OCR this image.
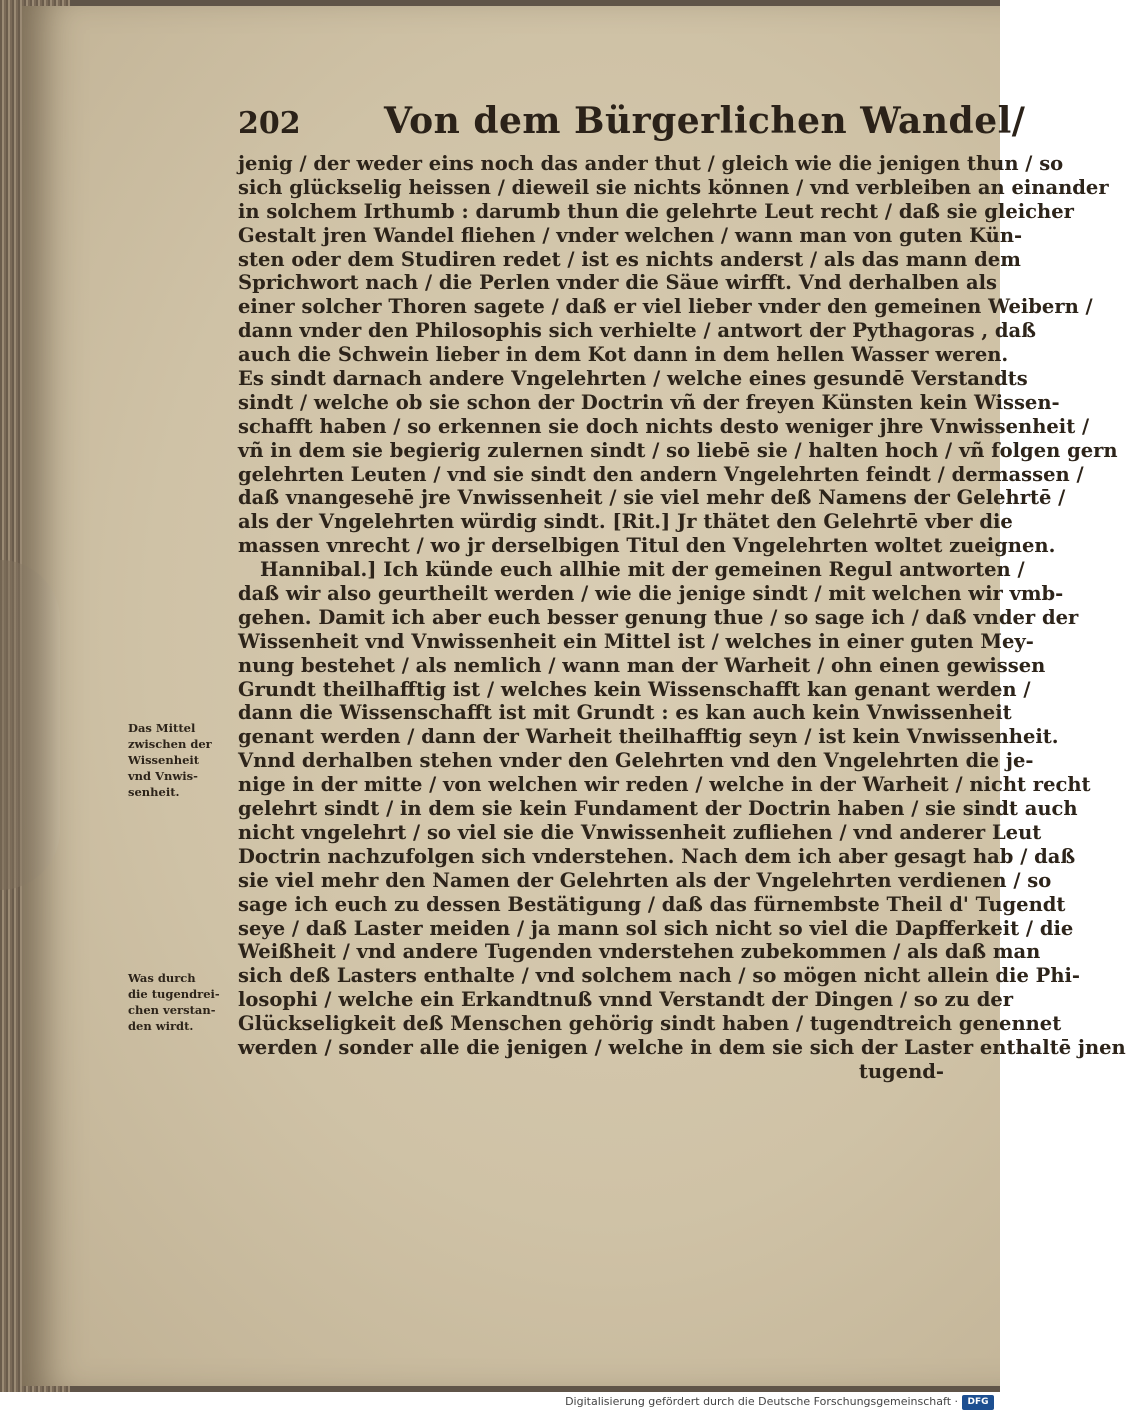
202 Von dem Bürgerlichen Wandel/
Das Mittel
zwischen der
Wissenheit
vnd Vnwis-
senheit.
Was durch
die tugendrei-
chen verstan-
den wirdt.
jenig / der weder eins noch das ander thut / gleich wie die jenigen thun / so
sich glückselig heissen / dieweil sie nichts können / vnd verbleiben an einander
in solchem Irthumb : darumb thun die gelehrte Leut recht / daß sie gleicher
Gestalt jren Wandel fliehen / vnder welchen / wann man von guten Kün-
sten oder dem Studiren redet / ist es nichts anderst / als das mann dem
Sprichwort nach / die Perlen vnder die Säue wirfft. Vnd derhalben als
einer solcher Thoren sagete / daß er viel lieber vnder den gemeinen Weibern /
dann vnder den Philosophis sich verhielte / antwort der Pythagoras , daß
auch die Schwein lieber in dem Kot dann in dem hellen Wasser weren.
Es sindt darnach andere Vngelehrten / welche eines gesundē Verstandts
sindt / welche ob sie schon der Doctrin vñ der freyen Künsten kein Wissen-
schafft haben / so erkennen sie doch nichts desto weniger jhre Vnwissenheit /
vñ in dem sie begierig zulernen sindt / so liebē sie / halten hoch / vñ folgen gern
gelehrten Leuten / vnd sie sindt den andern Vngelehrten feindt / dermassen /
daß vnangesehē jre Vnwissenheit / sie viel mehr deß Namens der Gelehrtē /
als der Vngelehrten würdig sindt. [Rit.] Jr thätet den Gelehrtē vber die
massen vnrecht / wo jr derselbigen Titul den Vngelehrten woltet zueignen.
Hannibal.] Ich künde euch allhie mit der gemeinen Regul antworten /
daß wir also geurtheilt werden / wie die jenige sindt / mit welchen wir vmb-
gehen. Damit ich aber euch besser genung thue / so sage ich / daß vnder der
Wissenheit vnd Vnwissenheit ein Mittel ist / welches in einer guten Mey-
nung bestehet / als nemlich / wann man der Warheit / ohn einen gewissen
Grundt theilhafftig ist / welches kein Wissenschafft kan genant werden /
dann die Wissenschafft ist mit Grundt : es kan auch kein Vnwissenheit
genant werden / dann der Warheit theilhafftig seyn / ist kein Vnwissenheit.
Vnnd derhalben stehen vnder den Gelehrten vnd den Vngelehrten die je-
nige in der mitte / von welchen wir reden / welche in der Warheit / nicht recht
gelehrt sindt / in dem sie kein Fundament der Doctrin haben / sie sindt auch
nicht vngelehrt / so viel sie die Vnwissenheit zufliehen / vnd anderer Leut
Doctrin nachzufolgen sich vnderstehen. Nach dem ich aber gesagt hab / daß
sie viel mehr den Namen der Gelehrten als der Vngelehrten verdienen / so
sage ich euch zu dessen Bestätigung / daß das fürnembste Theil d' Tugendt
seye / daß Laster meiden / ja mann sol sich nicht so viel die Dapfferkeit / die
Weißheit / vnd andere Tugenden vnderstehen zubekommen / als daß man
sich deß Lasters enthalte / vnd solchem nach / so mögen nicht allein die Phi-
losophi / welche ein Erkandtnuß vnnd Verstandt der Dingen / so zu der
Glückseligkeit deß Menschen gehörig sindt haben / tugendtreich genennet
werden / sonder alle die jenigen / welche in dem sie sich der Laster enthaltē jnen
tugend-
Digitalisierung gefördert durch die Deutsche Forschungsgemeinschaft ·	DFG
